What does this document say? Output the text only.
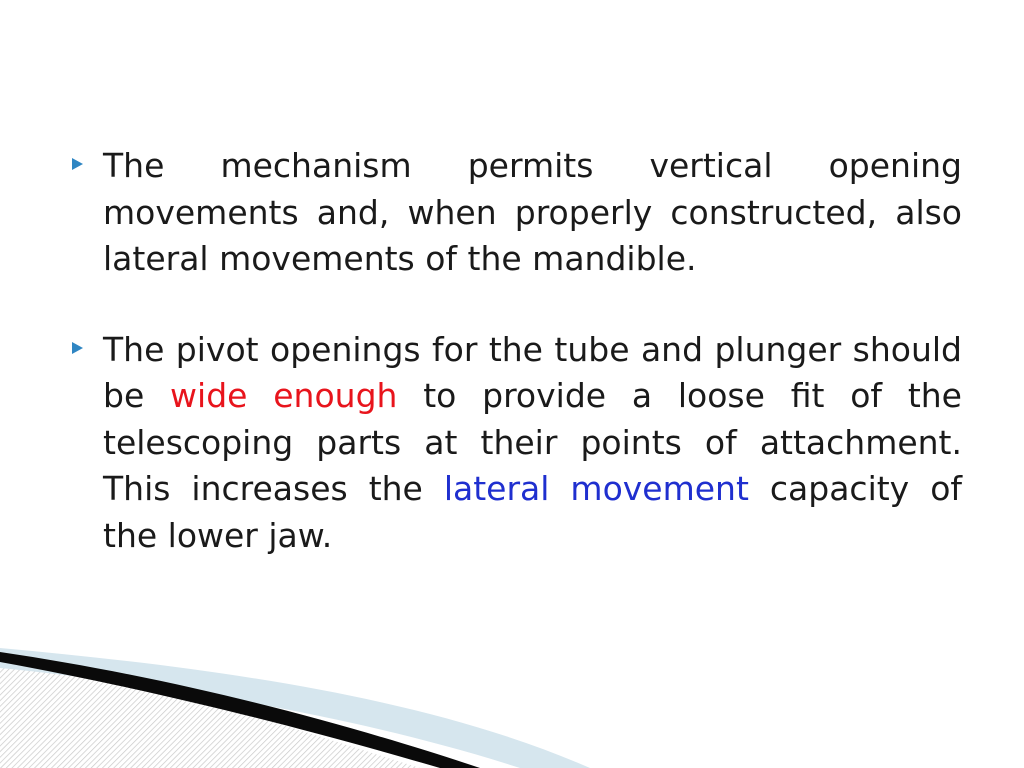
The mechanism permits vertical opening movements and, when properly constructed, also lateral movements of the mandible.

The pivot openings for the tube and plunger should be wide enough to provide a loose fit of the telescoping parts at their points of attachment. This increases the lateral movement capacity of the lower jaw.
